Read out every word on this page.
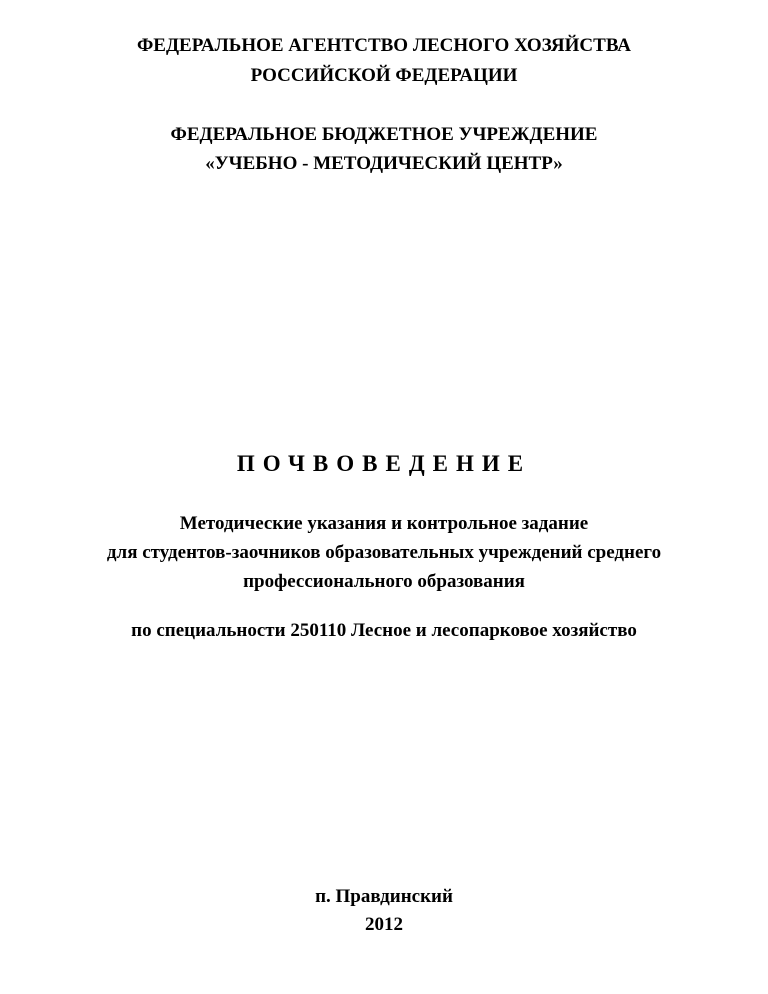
ФЕДЕРАЛЬНОЕ АГЕНТСТВО ЛЕСНОГО ХОЗЯЙСТВА
РОССИЙСКОЙ ФЕДЕРАЦИИ
ФЕДЕРАЛЬНОЕ БЮДЖЕТНОЕ УЧРЕЖДЕНИЕ
«УЧЕБНО - МЕТОДИЧЕСКИЙ ЦЕНТР»
ПОЧВОВЕДЕНИЕ
Методические указания и контрольное задание
для студентов-заочников образовательных учреждений среднего
профессионального образования
по специальности 250110 Лесное и лесопарковое хозяйство
п. Правдинский
2012
